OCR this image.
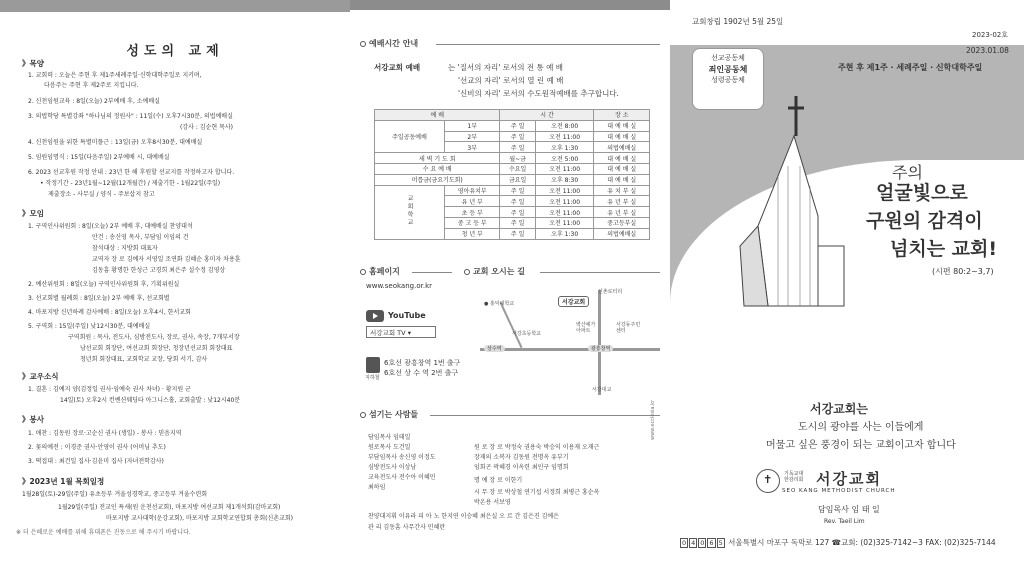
성도의 교제
》목양
1. 교회력 : 오늘은 주현 후 제1주세례주일·신학대학주일로 지키며,
다음주는 주현 후 제2주로 지킵니다.
2. 신천임원교육 : 8일(오늘) 2부예배 후, 소예배실
3. 의법학당 특별강좌 "하나님의 정원사" : 11일(수) 오후7시30분, 의법예배실
(강사 : 김순현 목사)
4. 신천임원을 위한 특별미플근 : 13일(금) 오후8시30분, 대예배실
5. 임원임명식 : 15일(다음주일) 2부예배 시, 대예배실
6. 2023 선교후원 작정 안내 : 23년 한 해 후원할 선교지를 작정하고자 합니다.
• 작정기간 - 23년1월~12월(12개월간) / 제출기한 - 1월22일(주일)
제출장소 - 사무실 / 양식 - 주보삽지 참고
》모임
1. 구역인사위원회 : 8일(오늘) 2부 예배 후, 대예배실 찬양대석
안건 : 송신영 목사, 부담임 이임의 건
참석대상 : 지방회 대표자
교역자 장 로 김예자 서영일 조연화 김혜순 홍미자 차용훈
김동흠 황명한 한성근 고경희 최은주 설수정 김영상
2. 예산위원회 : 8일(오늘) 구역인사위원회 후, 기획위원실
3. 선교회별 월례회 : 8일(오늘) 2부 예배 후, 선교회별
4. 마포지방 신년하례 감사예배 : 8일(오늘) 오후4시, 한서교회
5. 구역회 : 15일(주일) 낮12시30분, 대예배실
구역회원 : 목사, 전도사, 심방전도사, 장로, 권사, 속장, 7개부서장
남선교회 회장단, 여선교회 회장단, 청장년선교회 회장대표
청년회 회장대표, 교회학교 교장, 당회 서기, 감사
》교우소식
1. 결혼 : 김예지 양(김정일 권사·임예숙 권사 차녀) · 황지원 군
14일(토) 오후2시 컨벤션웨딩타 아그니스홀, 교회출발 : 낮12시40분
》봉사
1. 애찬 : 김동원 장로·고순신 권사 (생일) - 봉사 : 믿음지역
2. 꽃의예전 : 이경준 권사·안영이 권사 (어머님 추도)
3. 떡접대 : 최건일 집사·김윤미 집사 (자녀전학감사)
》2023년 1월 목회일정
1월28일(토)-29일(주일) 유초등부 겨울성경학교, 중고등부 겨울수련회
1월29일(주일) 전교인 특새(원 운천선교회), 마포지방 여선교회 제1개석회(감마교회)
마포지방 교사대학(운강교회), 마포지방 교회학교연합회 총회(신촌교회)
※ 더 은혜로운 예배를 위해 휴대폰은 진동으로 해 주시기 바랍니다.
예배시간 안내
서강교회 예배	는 '질서의 자리' 로서의 전 통 예 배
'선교의 자리' 로서의 열 린 예 배
'신비의 자리' 로서의 수도원적예배를 추구합니다.
예 배		시 간		장 소
주일공동예배	1부	주 일	오전 8:00	대 예 배 실
	2부	주 일	오전 11:00	대 예 배 실
	3부	주 일	오후 1:30	의법예배실
새 벽 기 도 회		월~금	오전 5:00	대 예 배 실
수 요 예 배		수요일	오전 11:00	대 예 배 실
머릅금(금요기도회)		금요일	오후 8:30	대 예 배 실
교회학교	영아유치부	주 일	오전 11:00	유 치 부 실
	유 년 부	주 일	오전 11:00	유 년 부 실
	초 등 부	주 일	오전 11:00	유 년 부 실
	중 고 등 부	주 일	오전 11:00	중고등부실
	청 년 부	주 일	오후 1:30	의법예배실
홈페이지
www.seokang.or.kr
YouTube
서강교회 TV ▾
지하철
6호선 광흥창역 1번 출구
6호선 상 수 역 2번 출구
교회 오시는 길
섬기는 사람들
담임목사 임태일
원로목사 도건일
부담임목사 송신영 이정도
심방전도사 이상남
교육전도사 전수아 이혜민
최하임
원 로 장 로 박정숙 권용숙 박승익 이용재 오재근
장재의 소복자 김동원 전명옥 유부기
임회곤 곽혜경 이옥련 최인구 임명희
명 예 장 로 이한기
시 무 장 로 박상철 연기섭 서정희 최병근 홍순옥
박온용 서보영
찬양대지휘 이유라 피 아 노 한지연 이승혜 최은실 오 르 간 김은진 김예은
관 리 김동흠 사무간사 민혜란
신촌로터리
● 홍익대학교	서강교회
서강초등학교
벽산예가아파트
서강동주민센터
상수역	광흥창역
서강대교
www.ecclesia.kr
교회창립 1902년 5월 25일
선교공동체
죄인공동체
성령공동체
2023-02호
2023.01.08
주현 후 제1주 · 세례주일 · 신학대학주일
주의
얼굴빛으로
구원의 감격이
넘치는 교회!
(시편 80:2~3,7)
서강교회는
도시의 광야를 사는 이들에게
머물고 싶은 풍경이 되는 교회이고자 합니다
✝
기독교대한감리회 서강교회
SEO KANG METHODIST CHURCH
담임목사 임 태 일
Rev. Taeil Lim
0 4 0 6 5 서울특별시 마포구 독막로 127 ☎교회: (02)325-7142~3 FAX: (02)325-7144
